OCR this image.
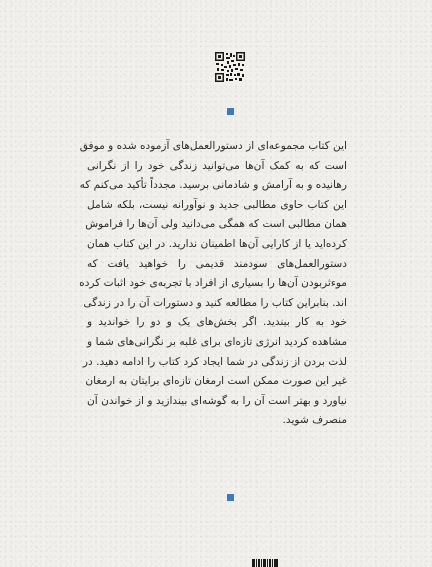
این کتاب مجموعه‌ای از دستورالعمل‌های آزموده شده و موفق
است که به کمک آن‌ها می‌توانید زندگی خود را از نگرانی
رهانیده و به آرامش و شادمانی برسید. مجدداً تأکید می‌کنم که
این کتاب حاوی مطالبی جدید و نوآورانه نیست، بلکه شامل
همان مطالبی است که همگی می‌دانید ولی آن‌ها را فراموش
کرده‌اید یا از کارایی آن‌ها اطمینان ندارید. در این کتاب همان
دستورالعمل‌های سودمند قدیمی را خواهید یافت که
موءثربودن آن‌ها را بسیاری از افراد با تجربه‌ی خود اثبات کرده
اند. بنابراین کتاب را مطالعه کنید و دستورات آن را در زندگی
خود به کار ببندید. اگر بخش‌های یک و دو را خواندید و
مشاهده کردید انرژی تازه‌ای برای غلبه بر نگرانی‌های شما و
لذت بردن از زندگی در شما ایجاد کرد کتاب را ادامه دهید. در
غیر این صورت ممکن است ارمغان تازه‌ای برایتان به ارمغان
نیاورد و بهتر است آن را به گوشه‌ای بیندازید و از خواندن آن
منصرف شوید.
